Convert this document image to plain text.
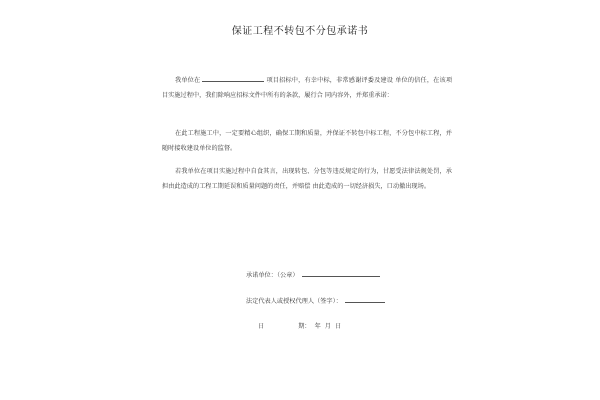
保证工程不转包不分包承诺书

我单位在	项目招标中，有幸中标，非常感谢评委及建设 单位的信任，在该项目实施过程中，我们除响应招标文件中所有的条款，履行合 同内容外，并郑重承诺：

在此工程施工中，一定要精心组织，确保工期和质量，并保证不转包中标工程，不分包中标工程，并随时接收建设单位的监督。

若我单位在项目实施过程中自食其言，出现转包、分包等违反规定的行为，甘愿受法律法规处罚，承担由此造成的工程工期延误和质量问题的责任，并赔偿 由此造成的一切经济损失，口动撤出现场。

承诺单位：（公章）
法定代表人或授权代理人（签字）：
日	期： 年 月 日
